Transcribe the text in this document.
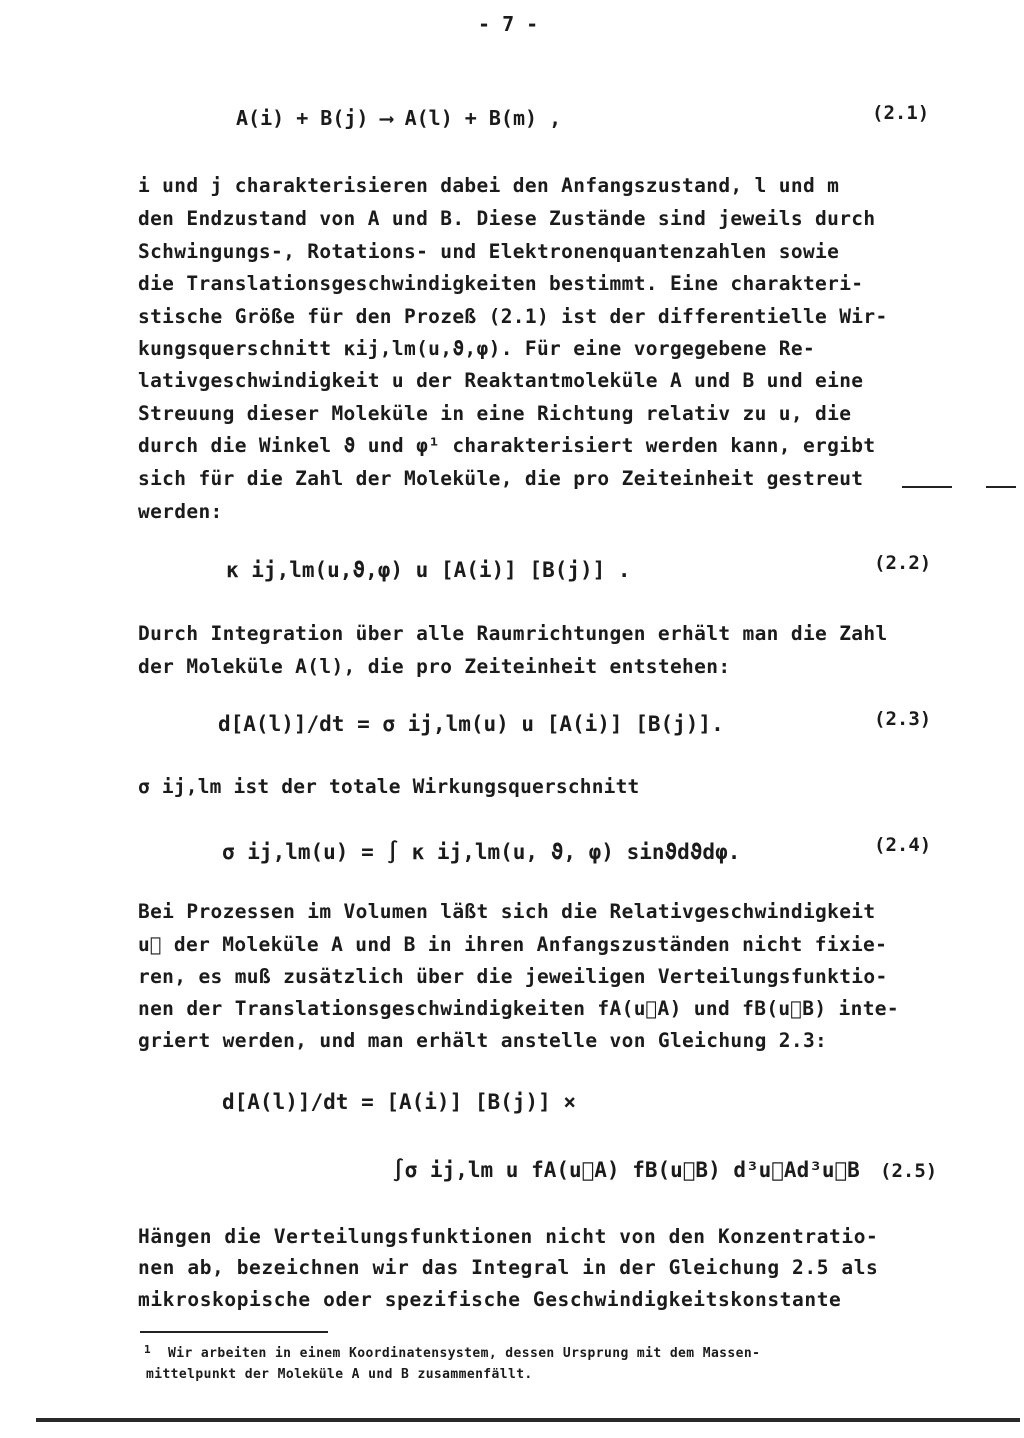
- 7 -
A(i) + B(j) ⟶ A(l) + B(m) ,	(2.1)
i und j charakterisieren dabei den Anfangszustand, l und m
den Endzustand von A und B. Diese Zustände sind jeweils durch
Schwingungs-, Rotations- und Elektronenquantenzahlen sowie
die Translationsgeschwindigkeiten bestimmt. Eine charakteri-
stische Größe für den Prozeß (2.1) ist der differentielle Wir-
kungsquerschnitt κij,lm(u,ϑ,φ). Für eine vorgegebene Re-
lativgeschwindigkeit u der Reaktantmoleküle A und B und eine
Streuung dieser Moleküle in eine Richtung relativ zu u, die
durch die Winkel ϑ und φ¹ charakterisiert werden kann, ergibt
sich für die Zahl der Moleküle, die pro Zeiteinheit gestreut
werden:
κ ij,lm(u,ϑ,φ) u [A(i)] [B(j)] .	(2.2)
Durch Integration über alle Raumrichtungen erhält man die Zahl
der Moleküle A(l), die pro Zeiteinheit entstehen:
d[A(l)]/dt = σ ij,lm(u) u [A(i)] [B(j)].	(2.3)
σ ij,lm ist der totale Wirkungsquerschnitt
σ ij,lm(u) = ∫ κ ij,lm(u, ϑ, φ) sinϑdϑdφ.	(2.4)
Bei Prozessen im Volumen läßt sich die Relativgeschwindigkeit
u⃗ der Moleküle A und B in ihren Anfangszuständen nicht fixie-
ren, es muß zusätzlich über die jeweiligen Verteilungsfunktio-
nen der Translationsgeschwindigkeiten fA(u⃗A) und fB(u⃗B) inte-
griert werden, und man erhält anstelle von Gleichung 2.3:
d[A(l)]/dt = [A(i)] [B(j)] ×
∫σ ij,lm u fA(u⃗A) fB(u⃗B) d³u⃗Ad³u⃗B (2.5)
Hängen die Verteilungsfunktionen nicht von den Konzentratio-
nen ab, bezeichnen wir das Integral in der Gleichung 2.5 als
mikroskopische oder spezifische Geschwindigkeitskonstante
1 Wir arbeiten in einem Koordinatensystem, dessen Ursprung mit dem Massen-
mittelpunkt der Moleküle A und B zusammenfällt.
